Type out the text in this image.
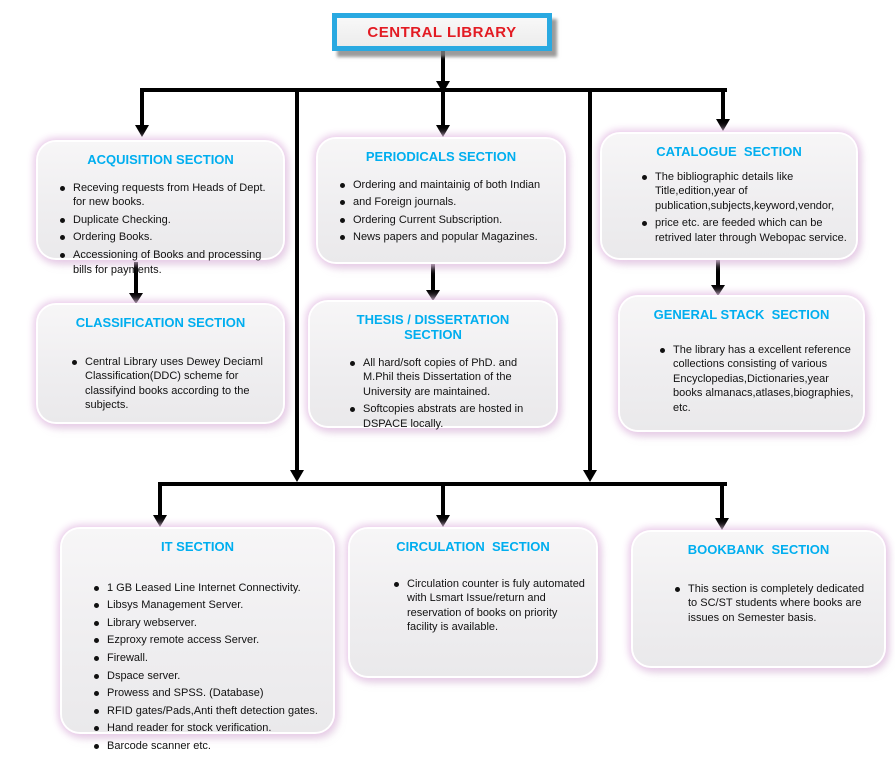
CENTRAL LIBRARY
ACQUISITION SECTION
Receving requests from Heads of Dept. for new books.
Duplicate Checking.
Ordering Books.
Accessioning of Books and processing bills for payments.
PERIODICALS SECTION
Ordering and maintainig of both Indian
and Foreign journals.
Ordering Current Subscription.
News papers and popular Magazines.
CATALOGUE  SECTION
The bibliographic details like Title,edition,year of publication,subjects,keyword,vendor,
price etc. are feeded which can be retrived later through Webopac service.
CLASSIFICATION SECTION
Central Library uses Dewey Deciaml Classification(DDC) scheme for classifyind books according to the subjects.
THESIS / DISSERTATION SECTION
All hard/soft copies of PhD. and M.Phil theis Dissertation of the University are maintained.
Softcopies abstrats are hosted in DSPACE locally.
GENERAL STACK  SECTION
The library has a excellent reference collections consisting of various Encyclopedias,Dictionaries,year books almanacs,atlases,biographies, etc.
IT SECTION
1 GB Leased Line Internet Connectivity.
Libsys Management Server.
Library webserver.
Ezproxy remote access Server.
Firewall.
Dspace server.
Prowess and SPSS. (Database)
RFID gates/Pads,Anti theft detection gates.
Hand reader for stock verification.
Barcode scanner etc.
CIRCULATION  SECTION
Circulation counter is fuly automated with Lsmart Issue/return and reservation of books on priority facility is available.
BOOKBANK  SECTION
This section is completely dedicated to SC/ST students where books are issues on Semester basis.
